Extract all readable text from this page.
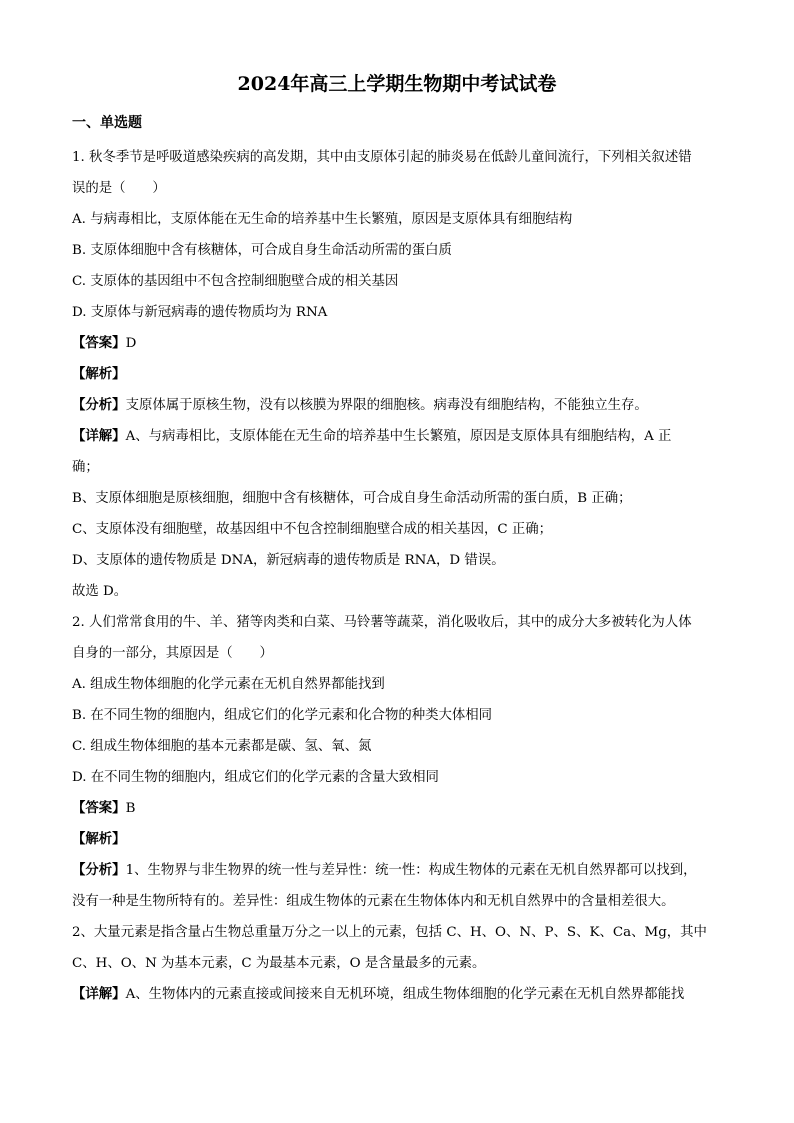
2024年高三上学期生物期中考试试卷
一、单选题

1. 秋冬季节是呼吸道感染疾病的高发期，其中由支原体引起的肺炎易在低龄儿童间流行，下列相关叙述错

误的是（　　）

A. 与病毒相比，支原体能在无生命的培养基中生长繁殖，原因是支原体具有细胞结构

B. 支原体细胞中含有核糖体，可合成自身生命活动所需的蛋白质

C. 支原体的基因组中不包含控制细胞壁合成的相关基因

D. 支原体与新冠病毒的遗传物质均为 RNA

【答案】D

【解析】

【分析】支原体属于原核生物，没有以核膜为界限的细胞核。病毒没有细胞结构，不能独立生存。

【详解】A、与病毒相比，支原体能在无生命的培养基中生长繁殖，原因是支原体具有细胞结构，A 正

确；

B、支原体细胞是原核细胞，细胞中含有核糖体，可合成自身生命活动所需的蛋白质，B 正确；

C、支原体没有细胞壁，故基因组中不包含控制细胞壁合成的相关基因，C 正确；

D、支原体的遗传物质是 DNA，新冠病毒的遗传物质是 RNA，D 错误。

故选 D。

2. 人们常常食用的牛、羊、猪等肉类和白菜、马铃薯等蔬菜，消化吸收后，其中的成分大多被转化为人体

自身的一部分，其原因是（　　）

A. 组成生物体细胞的化学元素在无机自然界都能找到

B. 在不同生物的细胞内，组成它们的化学元素和化合物的种类大体相同

C. 组成生物体细胞的基本元素都是碳、氢、氧、氮

D. 在不同生物的细胞内，组成它们的化学元素的含量大致相同

【答案】B

【解析】

【分析】1、生物界与非生物界的统一性与差异性：统一性：构成生物体的元素在无机自然界都可以找到，

没有一种是生物所特有的。差异性：组成生物体的元素在生物体体内和无机自然界中的含量相差很大。

2、大量元素是指含量占生物总重量万分之一以上的元素，包括 C、H、O、N、P、S、K、Ca、Mg，其中

C、H、O、N 为基本元素，C 为最基本元素，O 是含量最多的元素。

【详解】A、生物体内的元素直接或间接来自无机环境，组成生物体细胞的化学元素在无机自然界都能找
